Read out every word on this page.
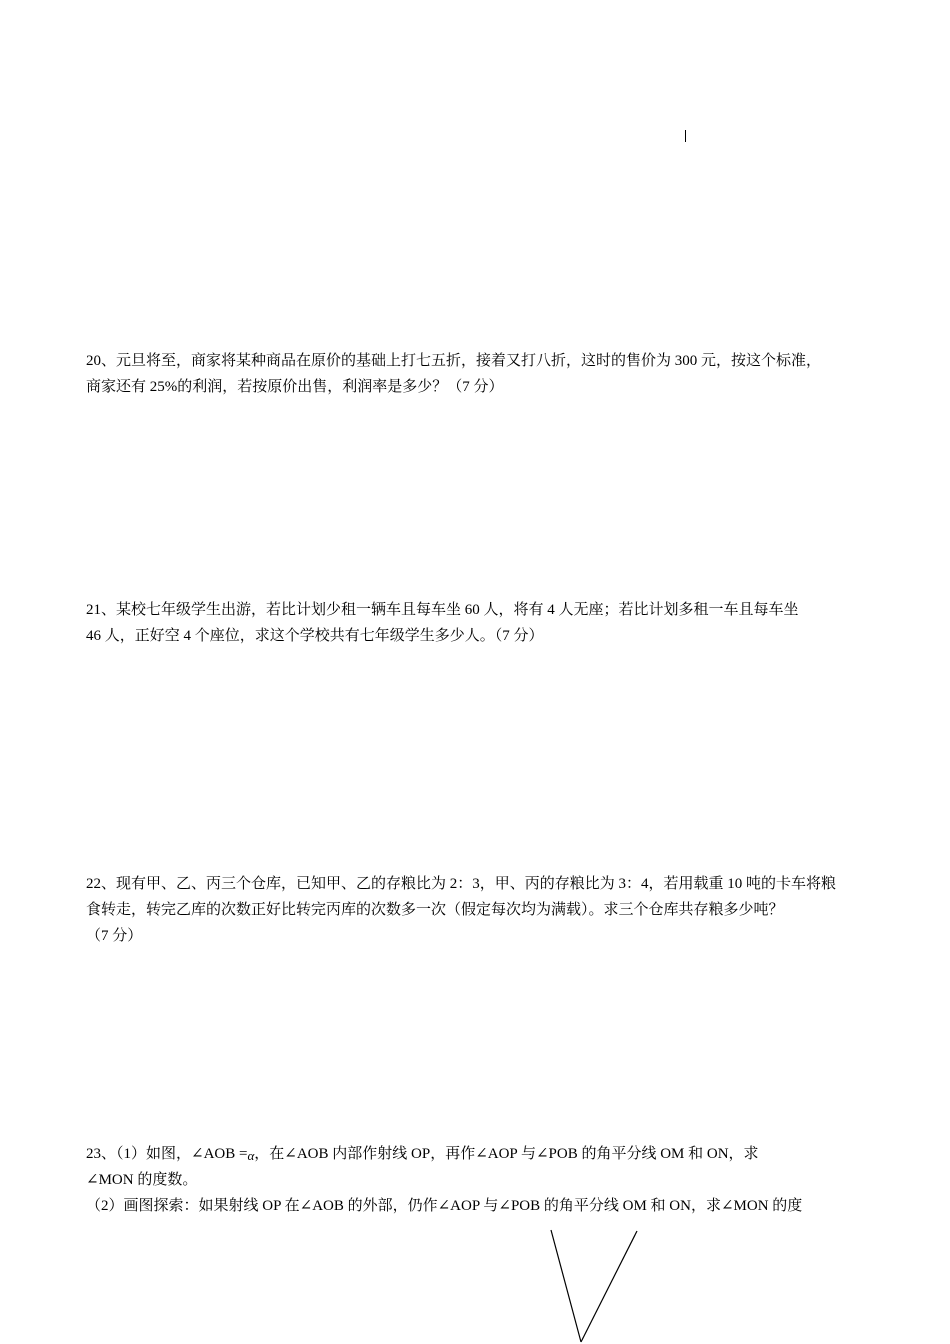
20、元旦将至，商家将某种商品在原价的基础上打七五折，接着又打八折，这时的售价为 300 元，按这个标准，

商家还有 25%的利润，若按原价出售，利润率是多少？（7 分）

21、某校七年级学生出游，若比计划少租一辆车且每车坐 60 人，将有 4 人无座；若比计划多租一车且每车坐

46 人，正好空 4 个座位，求这个学校共有七年级学生多少人。（7 分）

22、现有甲、乙、丙三个仓库，已知甲、乙的存粮比为 2：3，甲、丙的存粮比为 3：4，若用载重 10 吨的卡车将粮

食转走，转完乙库的次数正好比转完丙库的次数多一次（假定每次均为满载）。求三个仓库共存粮多少吨？

（7 分）

23、（1）如图，∠AOB =α，在∠AOB 内部作射线 OP，再作∠AOP 与∠POB 的角平分线 OM 和 ON，求

∠MON 的度数。

（2）画图探索：如果射线 OP 在∠AOB 的外部，仍作∠AOP 与∠POB 的角平分线 OM 和 ON，求∠MON 的度
